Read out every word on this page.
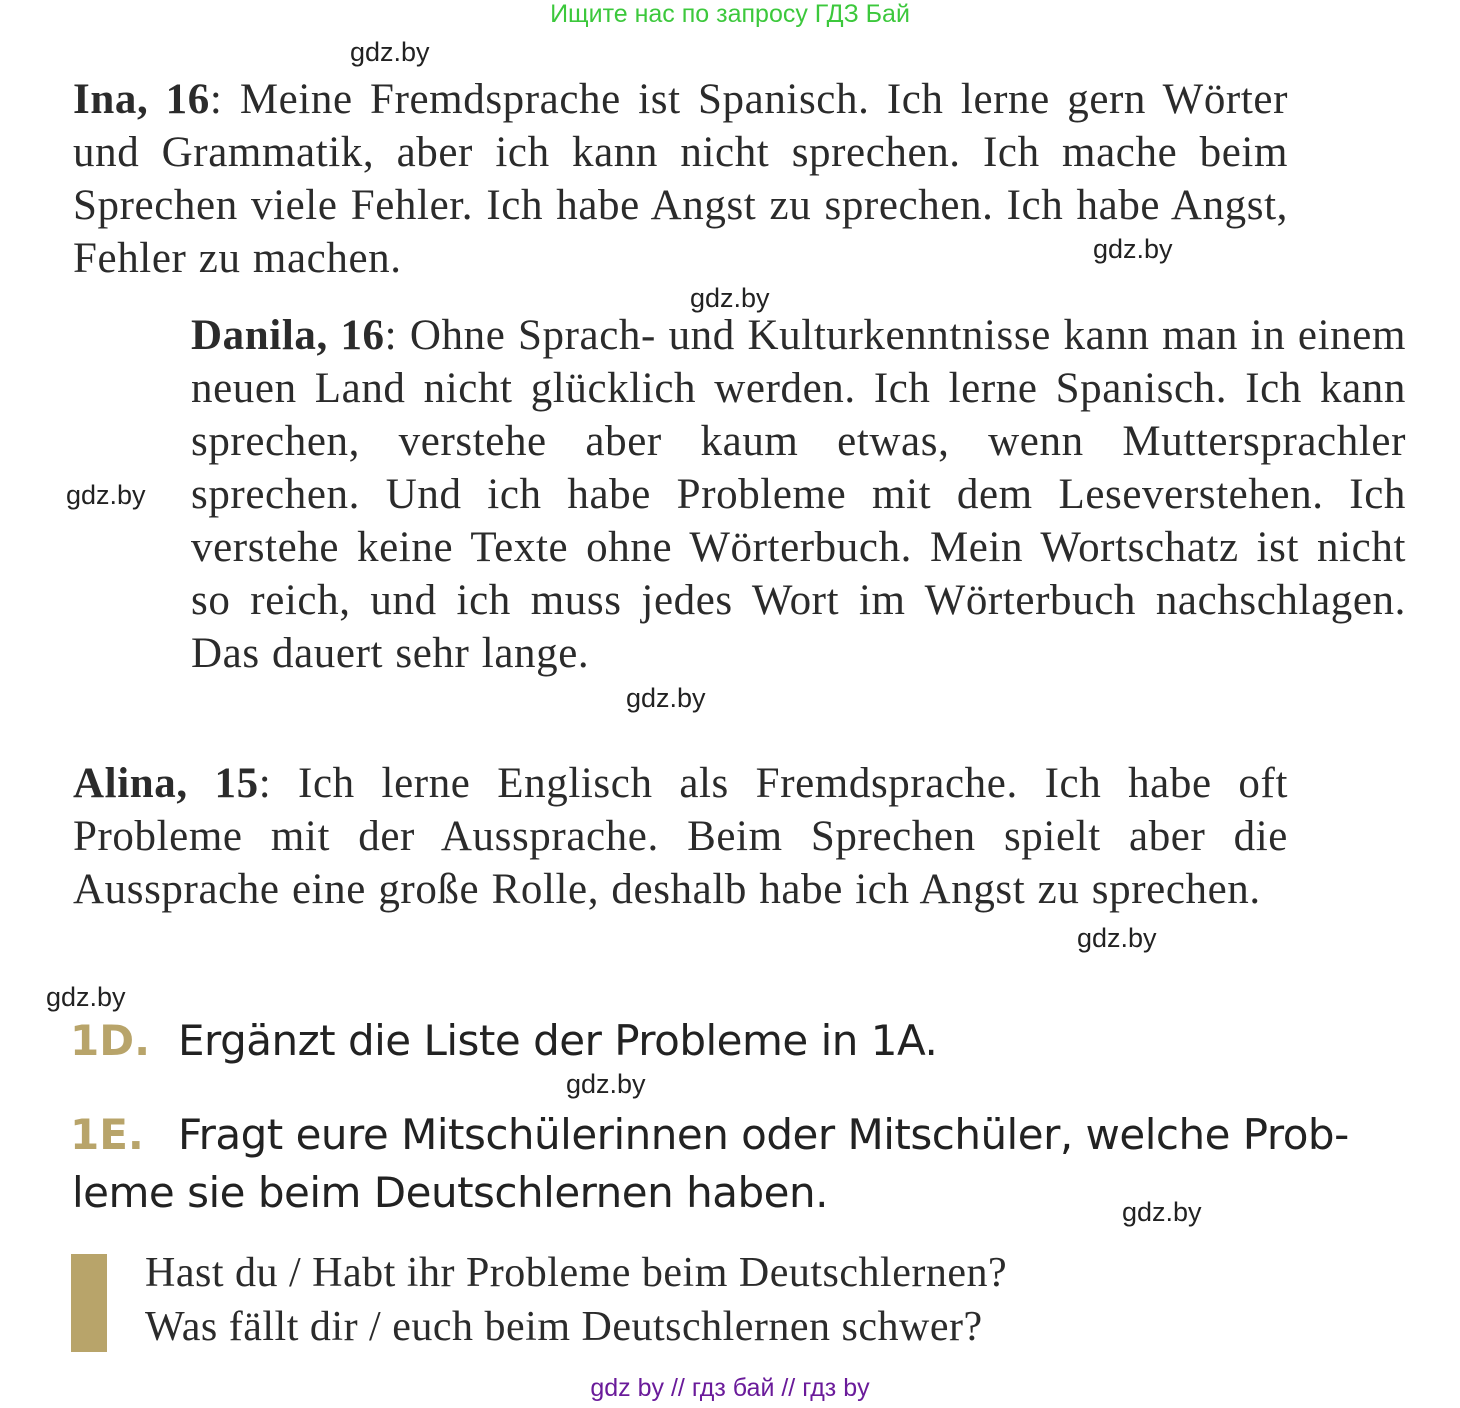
Ищите нас по запросу ГДЗ Бай
gdz.by
gdz.by
gdz.by
gdz.by
gdz.by
gdz.by
gdz.by
gdz.by
gdz.by
Ina, 16: Meine Fremdsprache ist Spanisch. Ich lerne gern Wörter und Grammatik, aber ich kann nicht sprechen. Ich mache beim Sprechen viele Fehler. Ich habe Angst zu sprechen. Ich habe Angst, Fehler zu machen.
Danila, 16: Ohne Sprach- und Kulturkenntnisse kann man in einem neuen Land nicht glücklich werden. Ich lerne Spanisch. Ich kann sprechen, verstehe aber kaum etwas, wenn Muttersprachler sprechen. Und ich habe Probleme mit dem Leseverstehen. Ich verstehe keine Texte ohne Wörterbuch. Mein Wortschatz ist nicht so reich, und ich muss jedes Wort im Wörterbuch nachschlagen. Das dauert sehr lange.
Alina, 15: Ich lerne Englisch als Fremdsprache. Ich habe oft Probleme mit der Aussprache. Beim Sprechen spielt aber die Aussprache eine große Rolle, deshalb habe ich Angst zu sprechen.
1D. Ergänzt die Liste der Probleme in 1A.
1E. Fragt eure Mitschülerinnen oder Mitschüler, welche Prob-
leme sie beim Deutschlernen haben.
Hast du / Habt ihr Probleme beim Deutschlernen?
Was fällt dir / euch beim Deutschlernen schwer?
gdz by // гдз бай // гдз by
